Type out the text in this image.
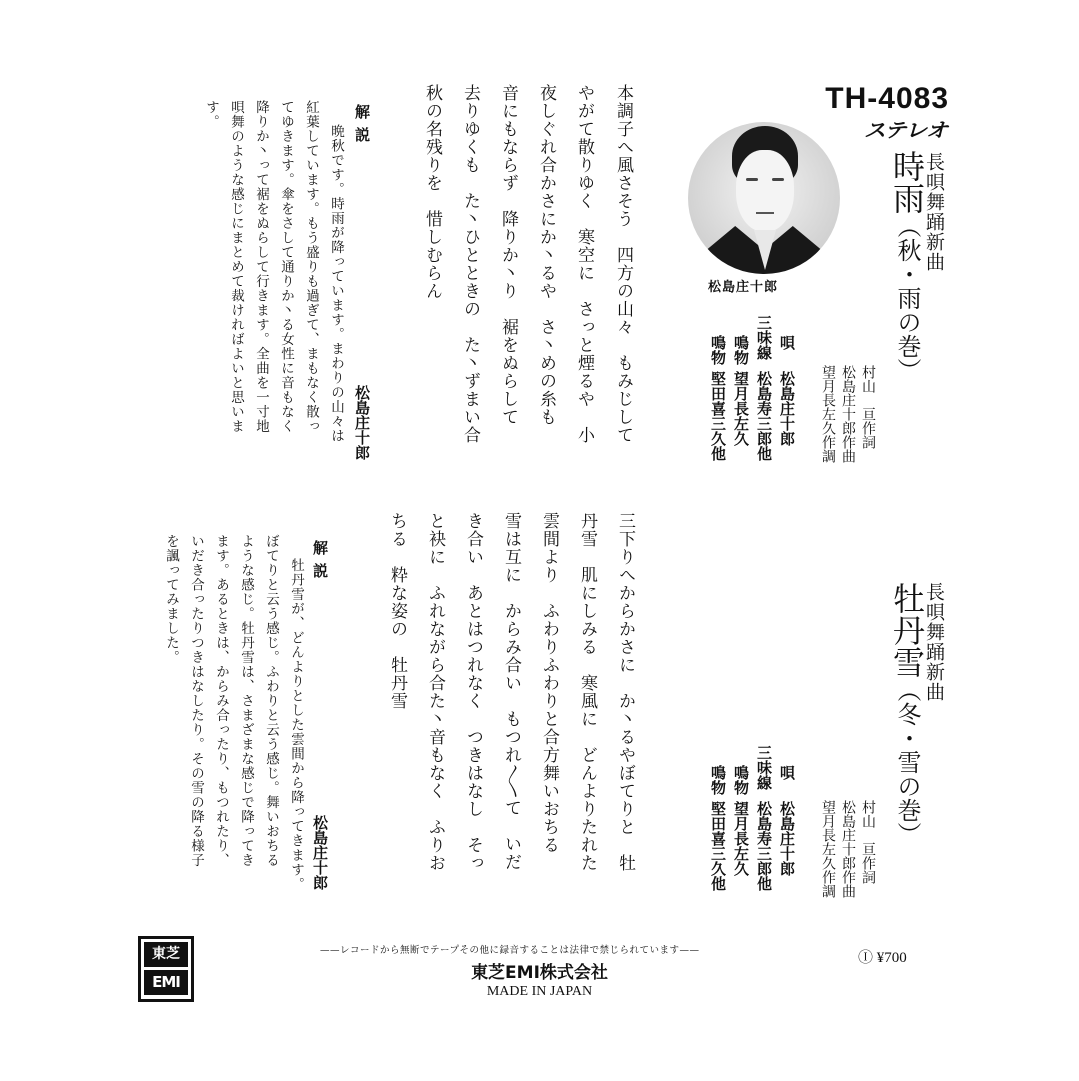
TH-4083
ステレオ
松島庄十郎
長唄舞踊新曲
時雨（秋・雨の巻）
唄
松島庄十郎
三味線
松島寿三郎他
鳴物
望月長左久
鳴物
堅田喜三久他	村山　亘作詞
松島庄十郎作曲
望月長左久作調
本調子へ風さそう　四方の山々　もみじして
やがて散りゆく　寒空に　さっと煙るや　小
夜しぐれ合かさにか丶るや　さ丶めの糸も
音にもならず　降りか丶り　裾をぬらして
去りゆくも　た丶ひとときの　た丶ずまい合
秋の名残りを　惜しむらん
解説
松島庄十郎
晩秋です。時雨が降っています。まわりの山々は
紅葉しています。もう盛りも過ぎて、まもなく散っ
てゆきます。傘をさして通りか丶る女性に音もなく
降りか丶って裾をぬらして行きます。全曲を一寸地
唄舞のような感じにまとめて裁ければよいと思いま
す。
長唄舞踊新曲
牡丹雪（冬・雪の巻）
唄
松島庄十郎
三味線
松島寿三郎他
鳴物
望月長左久
鳴物
堅田喜三久他	村山　亘作詞
松島庄十郎作曲
望月長左久作調
三下りへからかさに　か丶るやぼてりと　牡
丹雪　肌にしみる　寒風に　どんよりたれた
雲間より　ふわりふわりと合方舞いおちる
雪は互に　からみ合い　もつれ〳〵て　いだ
き合い　あとはつれなく　つきはなし　そっ
と袂に　ふれながら合た丶音もなく　ふりお
ちる　粋な姿の　牡丹雪
解説
松島庄十郎
牡丹雪が、どんよりとした雲間から降ってきます。
ぼてりと云う感じ。ふわりと云う感じ。舞いおちる
ような感じ。牡丹雪は、さまざまな感じで降ってき
ます。あるときは、からみ合ったり、もつれたり、
いだき合ったりつきはなしたり。その雪の降る様子
を諷ってみました。
東芝
EMI
——レコードから無断でテープその他に録音することは法律で禁じられています——
東芝EMI株式会社
MADE IN JAPAN
Ⓘ ¥700
